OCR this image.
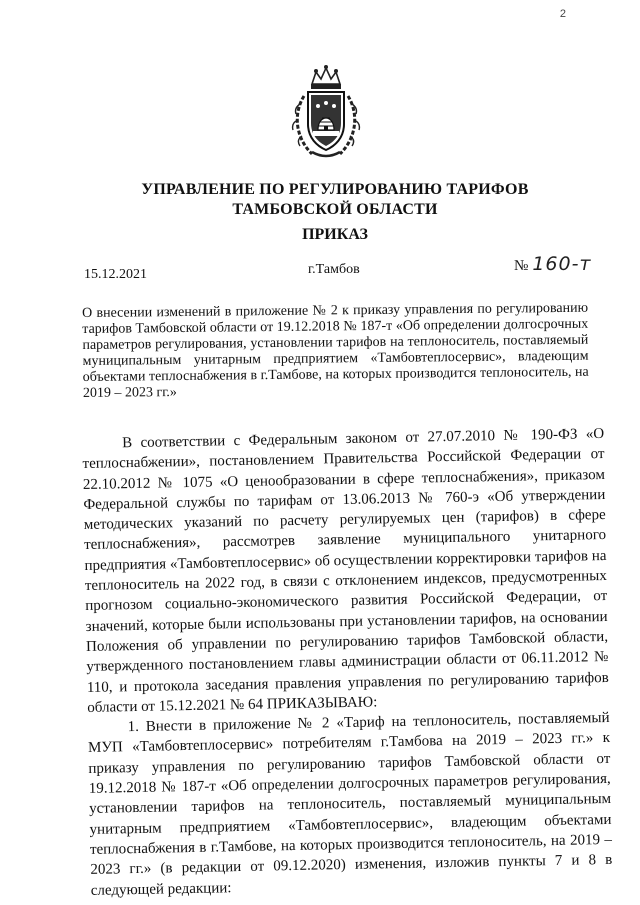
2
УПРАВЛЕНИЕ ПО РЕГУЛИРОВАНИЮ ТАРИФОВ
ТАМБОВСКОЙ ОБЛАСТИ
ПРИКАЗ
15.12.2021	г.Тамбов	№ 160-т
О внесении изменений в приложение № 2 к приказу управления по регулированию тарифов Тамбовской области от 19.12.2018 № 187-т «Об определении долгосрочных параметров регулирования, установлении тарифов на теплоноситель, поставляемый муниципальным унитарным предприятием «Тамбовтеплосервис», владеющим объектами теплоснабжения в г.Тамбове, на которых производится теплоноситель, на 2019 – 2023 гг.»

В соответствии с Федеральным законом от 27.07.2010 № 190-ФЗ «О теплоснабжении», постановлением Правительства Российской Федерации от 22.10.2012 № 1075 «О ценообразовании в сфере теплоснабжения», приказом Федеральной службы по тарифам от 13.06.2013 № 760-э «Об утверждении методических указаний по расчету регулируемых цен (тарифов) в сфере теплоснабжения», рассмотрев заявление муниципального унитарного предприятия «Тамбовтеплосервис» об осуществлении корректировки тарифов на теплоноситель на 2022 год, в связи с отклонением индексов, предусмотренных прогнозом социально-экономического развития Российской Федерации, от значений, которые были использованы при установлении тарифов, на основании Положения об управлении по регулированию тарифов Тамбовской области, утвержденного постановлением главы администрации области от 06.11.2012 № 110, и протокола заседания правления управления по регулированию тарифов области от 15.12.2021 № 64 ПРИКАЗЫВАЮ:

1. Внести в приложение № 2 «Тариф на теплоноситель, поставляемый МУП «Тамбовтеплосервис» потребителям г.Тамбова на 2019 – 2023 гг.» к приказу управления по регулированию тарифов Тамбовской области от 19.12.2018 № 187-т «Об определении долгосрочных параметров регулирования, установлении тарифов на теплоноситель, поставляемый муниципальным унитарным предприятием «Тамбовтеплосервис», владеющим объектами теплоснабжения в г.Тамбове, на которых производится теплоноситель, на 2019 – 2023 гг.» (в редакции от 09.12.2020) изменения, изложив пункты 7 и 8 в следующей редакции:
